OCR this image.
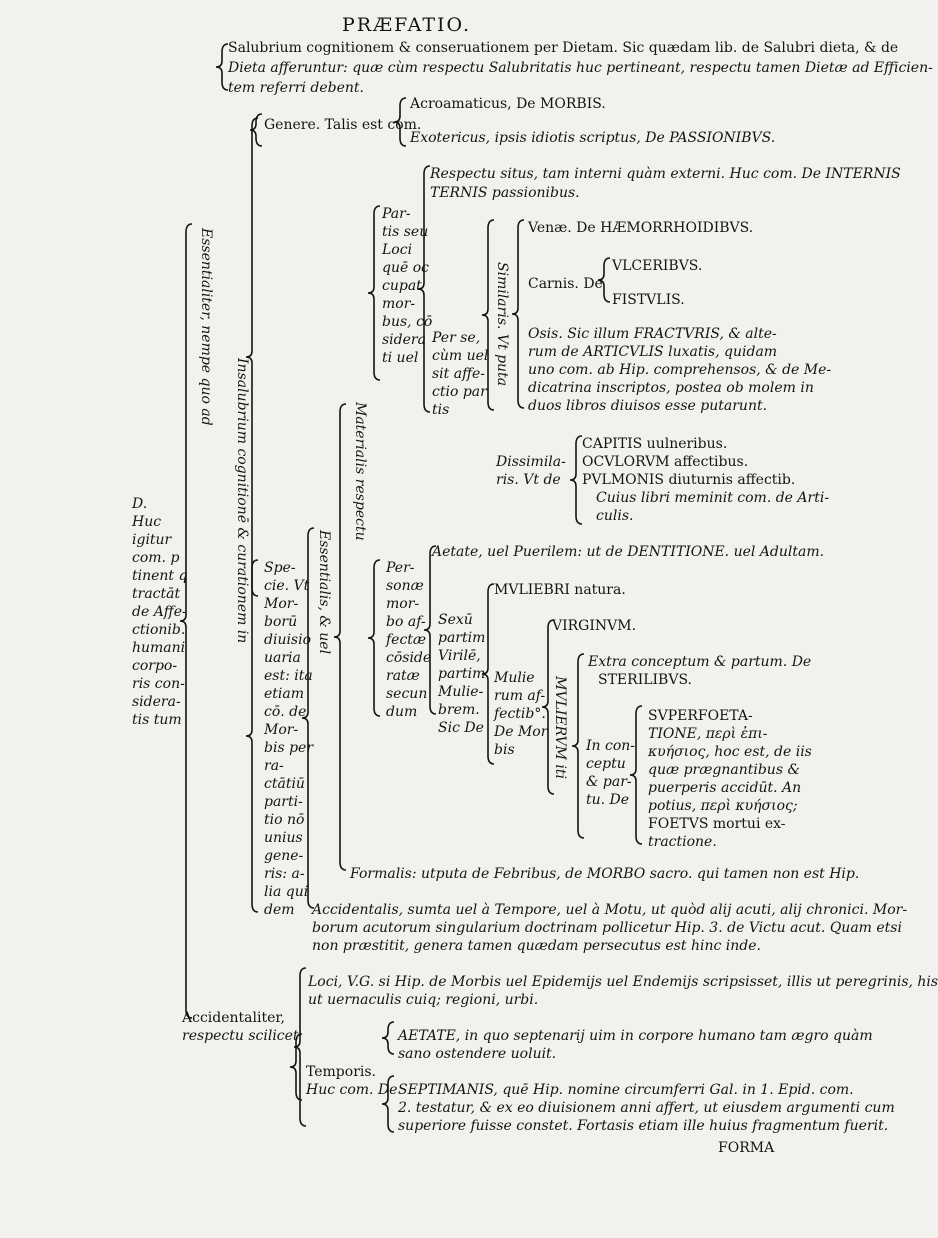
PRÆFATIO.
Salubrium cognitionem & conseruationem per Dietam. Sic quædam lib. de Salubri dieta, & de
Dieta afferuntur: quæ cùm respectu Salubritatis huc pertineant, respectu tamen Dietæ ad Efficien-
tem referri debent.
Acroamaticus, De MORBIS.
Genere. Talis est com.
Exotericus, ipsis idiotis scriptus, De PASSIONIBVS.
Respectu situs, tam interni quàm externi. Huc com. De INTERNIS
TERNIS passionibus.
Venæ. De HÆMORRHOIDIBVS.
VLCERIBVS.
Carnis. De
FISTVLIS.
Osis. Sic illum FRACTVRIS, & alte-
rum de ARTICVLIS luxatis, quidam
uno com. ab Hip. comprehensos, & de Me-
dicatrina inscriptos, postea ob molem in
duos libros diuisos esse putarunt.
CAPITIS uulneribus.
OCVLORVM affectibus.
PVLMONIS diuturnis affectib.
Cuius libri meminit com. de Arti-
culis.
Aetate, uel Puerilem: ut de DENTITIONE. uel Adultam.
MVLIEBRI natura.
VIRGINVM.
Extra conceptum & partum. De
STERILIBVS.
SVPERFOETA-
TIONE, περὶ ἐπι-
κυήσιος, hoc est, de iis
quæ prægnantibus &
puerperis accidūt. An
potius, περὶ κυήσιος;
FOETVS mortui ex-
tractione.
Formalis: utputa de Febribus, de MORBO sacro. qui tamen non est Hip.
Accidentalis, sumta uel à Tempore, uel à Motu, ut quòd alij acuti, alij chronici. Mor-
borum acutorum singularium doctrinam pollicetur Hip. 3. de Victu acut. Quam etsi
non præstitit, genera tamen quædam persecutus est hinc inde.
Loci, V.G. si Hip. de Morbis uel Epidemijs uel Endemijs scripsisset, illis ut peregrinis, his
ut uernaculis cuiq; regioni, urbi.
Accidentaliter,
respectu scilicet	AETATE, in quo septenarij uim in corpore humano tam ægro quàm
sano ostendere uoluit.
Temporis.
Huc com. De SEPTIMANIS, quē Hip. nomine circumferri Gal. in 1. Epid. com.
2. testatur, & ex eo diuisionem anni affert, ut eiusdem argumenti cum
superiore fuisse constet. Fortasis etiam ille huius fragmentum fuerit.
FORMA
Essentialiter, nempe quo ad
Insalubrium cognitionē & curationem in	Materialis respectu
Similaris. Vt puta
Essentialis, & uel
MVLIERVM iti
D.
Huc
igitur
com. p
tinent q
tractāt
de Affe-
ctionib.
humani
corpo-
ris con-
sidera-
tis tum
Par-
tis seu
Loci
quē oc
cupat
mor-
bus, cō
sidera
ti uel
Per se,
cùm uel
sit affe-
ctio par
tis
Dissimila-
ris. Vt de
Spe-
cie. Vt
Mor-
borū
diuisio
uaria
est: ita
etiam
cō. de
Mor-
bis per
ra-
ctātiū
parti-
tio nō
unius
gene-
ris: a-
lia qui
dem
Per-
sonæ
mor-
bo af-
fectæ
cōside
ratæ
secun
dum
Sexū
partim
Virilē,
partim
Mulie-
brem.
Sic De
Mulie
rum af-
fectib°.
De Mor
bis	In con-
ceptu
& par-
tu. De
